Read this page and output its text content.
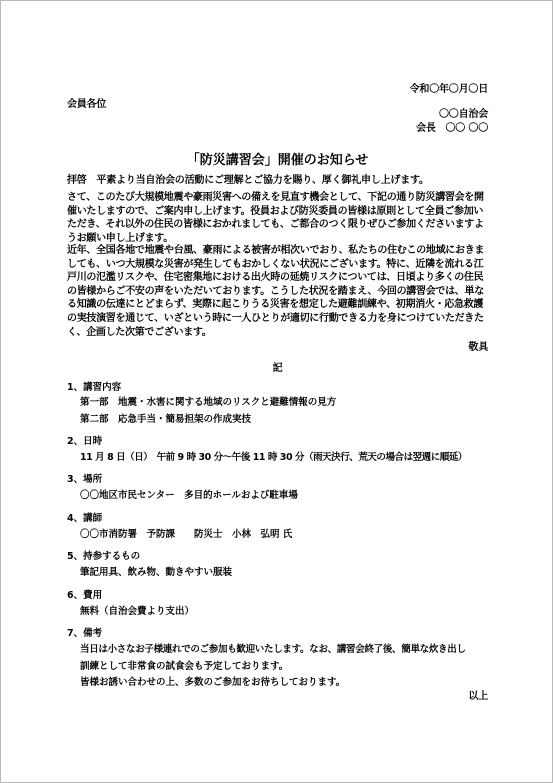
令和〇年〇月〇日
会員各位
〇〇自治会
会長　〇〇 〇〇
「防災講習会」開催のお知らせ
拝啓　平素より当自治会の活動にご理解とご協力を賜り、厚く御礼申し上げます。
さて、このたび大規模地震や豪雨災害への備えを見直す機会として、下記の通り防災講習会を開
催いたしますので、ご案内申し上げます。役員および防災委員の皆様は原則として全員ご参加い
ただき、それ以外の住民の皆様におかれましても、ご都合のつく限りぜひご参加くださいますよ
うお願い申し上げます。
近年、全国各地で地震や台風、豪雨による被害が相次いでおり、私たちの住むこの地域におきま
しても、いつ大規模な災害が発生してもおかしくない状況にございます。特に、近隣を流れる江
戸川の氾濫リスクや、住宅密集地における出火時の延焼リスクについては、日頃より多くの住民
の皆様からご不安の声をいただいております。こうした状況を踏まえ、今回の講習会では、単な
る知識の伝達にとどまらず、実際に起こりうる災害を想定した避難訓練や、初期消火・応急救護
の実技演習を通じて、いざという時に一人ひとりが適切に行動できる力を身につけていただきた
く、企画した次第でございます。
敬具
記
1、講習内容
第一部　地震・水害に関する地域のリスクと避難情報の見方
第二部　応急手当・簡易担架の作成実技
2、日時
11 月 8 日（日）　午前 9 時 30 分～午後 11 時 30 分（雨天決行、荒天の場合は翌週に順延）
3、場所
〇〇地区市民センター　多目的ホールおよび駐車場
4、講師
〇〇市消防署　予防課　　防災士　小林　弘明 氏
5、持参するもの
筆記用具、飲み物、動きやすい服装
6、費用
無料（自治会費より支出）
7、備考
当日は小さなお子様連れでのご参加も歓迎いたします。なお、講習会終了後、簡単な炊き出し
訓練として非常食の試食会も予定しております。
皆様お誘い合わせの上、多数のご参加をお待ちしております。
以上
